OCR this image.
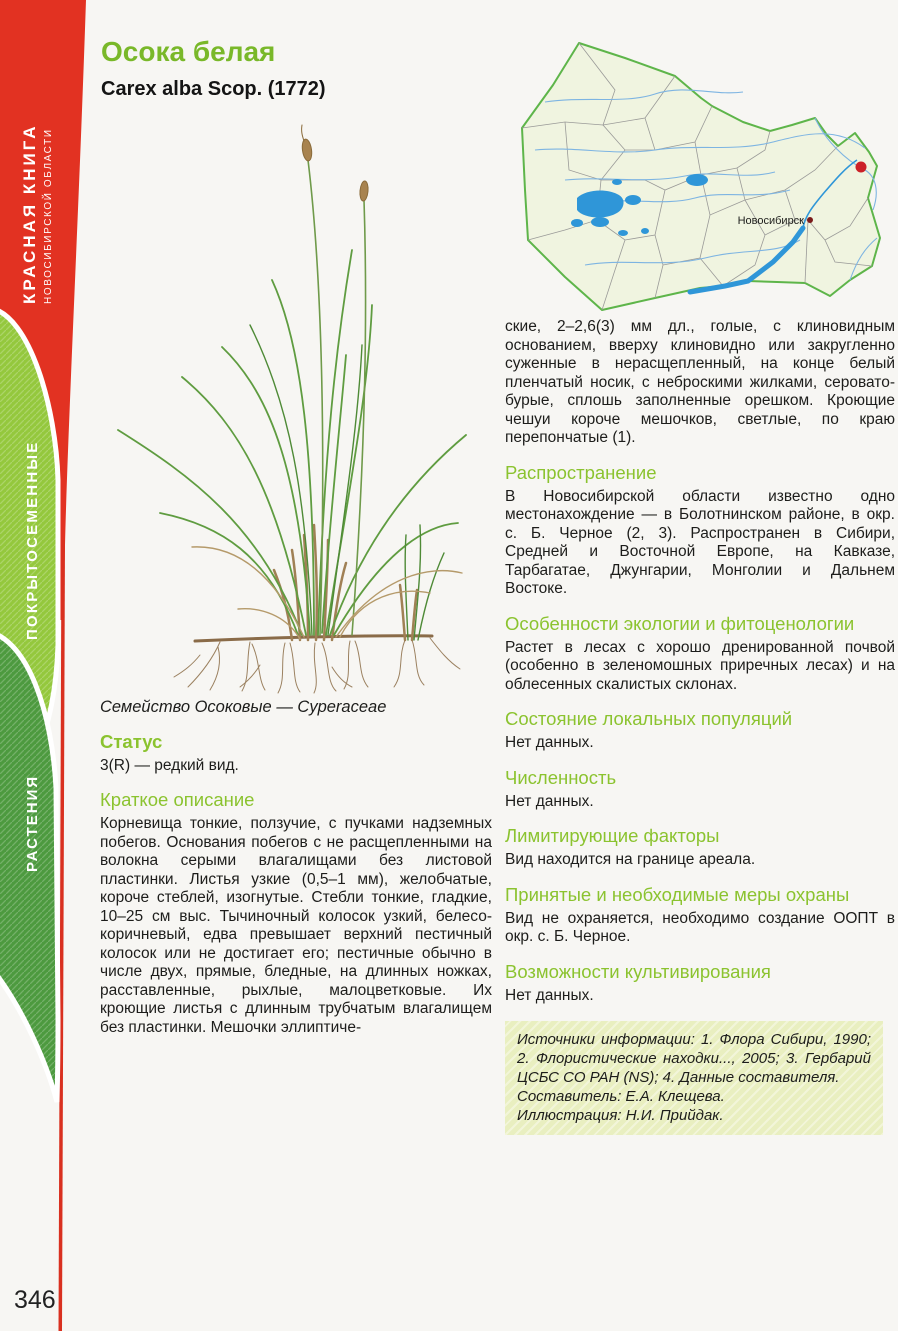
КРАСНАЯ КНИГА НОВОСИБИРСКОЙ ОБЛАСТИ
ПОКРЫТОСЕМЕННЫЕ
РАСТЕНИЯ
Осока белая
Carex alba Scop. (1772)
Новосибирск

Семейство Осоковые — Cyperaceae

Статус

3(R) — редкий вид.

Краткое описание

Корневища тонкие, ползучие, с пучками надземных побегов. Основания побегов с не расщепленными на волокна серыми влагалищами без листовой пластинки. Листья узкие (0,5–1 мм), желобчатые, короче стеблей, изогнутые. Стебли тонкие, гладкие, 10–25 см выс. Тычиночный колосок узкий, белесо-коричневый, едва превышает верхний пестичный колосок или не достигает его; пестичные обычно в числе двух, прямые, бледные, на длинных ножках, расставленные, рыхлые, малоцветковые. Их кроющие листья с длинным трубчатым влагалищем без пластинки. Мешочки эллиптиче-

ские, 2–2,6(3) мм дл., голые, с клиновидным основанием, вверху клиновидно или закругленно суженные в нерасщепленный, на конце белый пленчатый носик, с неброскими жилками, серовато-бурые, сплошь заполненные орешком. Кроющие чешуи короче мешочков, светлые, по краю перепончатые (1).

Распространение

В Новосибирской области известно одно местонахождение — в Болотнинском районе, в окр. с. Б. Черное (2, 3). Распространен в Сибири, Средней и Восточной Европе, на Кавказе, Тарбагатае, Джунгарии, Монголии и Дальнем Востоке.

Особенности экологии и фитоценологии

Растет в лесах с хорошо дренированной почвой (особенно в зеленомошных приречных лесах) и на облесенных скалистых склонах.

Состояние локальных популяций

Нет данных.

Численность

Нет данных.

Лимитирующие факторы

Вид находится на границе ареала.

Принятые и необходимые меры охраны

Вид не охраняется, необходимо создание ООПТ в окр. с. Б. Черное.

Возможности культивирования

Нет данных.

Источники информации: 1. Флора Сибири, 1990; 2. Флористические находки..., 2005; 3. Гербарий ЦСБС СО РАН (NS); 4. Данные составителя.

Составитель: Е.А. Клещева.

Иллюстрация: Н.И. Прийдак.

346
